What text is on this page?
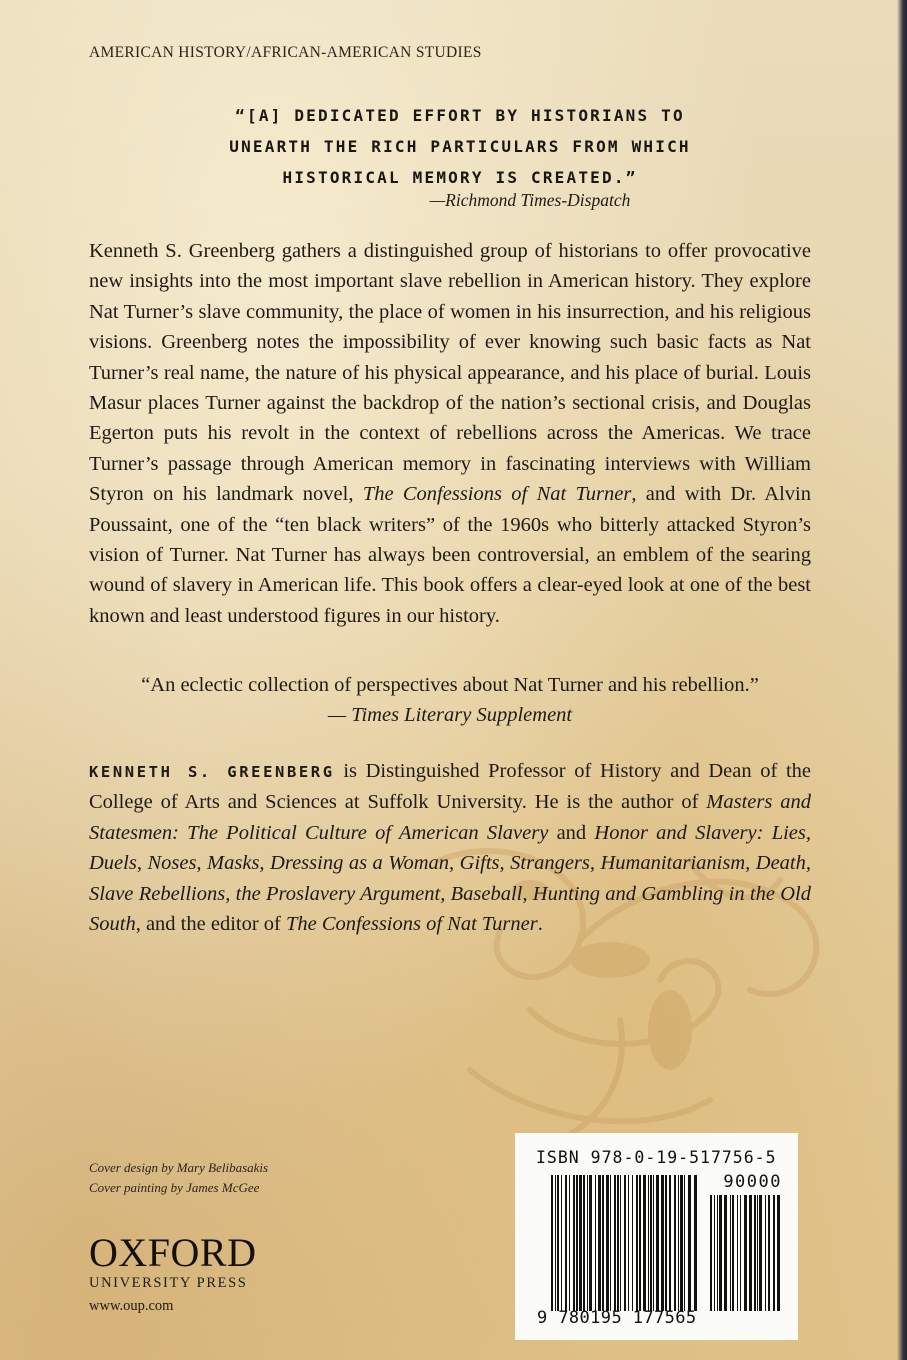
AMERICAN HISTORY/AFRICAN-AMERICAN STUDIES
“[A] DEDICATED EFFORT BY HISTORIANS TO
UNEARTH THE RICH PARTICULARS FROM WHICH
HISTORICAL MEMORY IS CREATED.”
—Richmond Times-Dispatch

Kenneth S. Greenberg gathers a distinguished group of historians to offer provocative new insights into the most important slave rebellion in American history. They explore Nat Turner’s slave community, the place of women in his insurrection, and his religious visions. Greenberg notes the impossibility of ever knowing such basic facts as Nat Turner’s real name, the nature of his physical appearance, and his place of burial. Louis Masur places Turner against the backdrop of the nation’s sectional crisis, and Douglas Egerton puts his revolt in the context of rebellions across the Americas. We trace Turner’s passage through American memory in fascinating interviews with William Styron on his landmark novel, The Confessions of Nat Turner, and with Dr. Alvin Poussaint, one of the “ten black writers” of the 1960s who bitterly attacked Styron’s vision of Turner. Nat Turner has always been controversial, an emblem of the searing wound of slavery in American life. This book offers a clear-eyed look at one of the best known and least understood figures in our history.

“An eclectic collection of perspectives about Nat Turner and his rebellion.”
— Times Literary Supplement
KENNETH S. GREENBERG is Distinguished Professor of History and Dean of the College of Arts and Sciences at Suffolk University. He is the author of Masters and Statesmen: The Political Culture of American Slavery and Honor and Slavery: Lies, Duels, Noses, Masks, Dressing as a Woman, Gifts, Strangers, Humanitarianism, Death, Slave Rebellions, the Proslavery Argument, Baseball, Hunting and Gambling in the Old South, and the editor of The Confessions of Nat Turner.
Cover design by Mary Belibasakis
Cover painting by James McGee
OXFORD
UNIVERSITY PRESS
www.oup.com
ISBN 978-0-19-517756-5
90000
9 780195 177565
